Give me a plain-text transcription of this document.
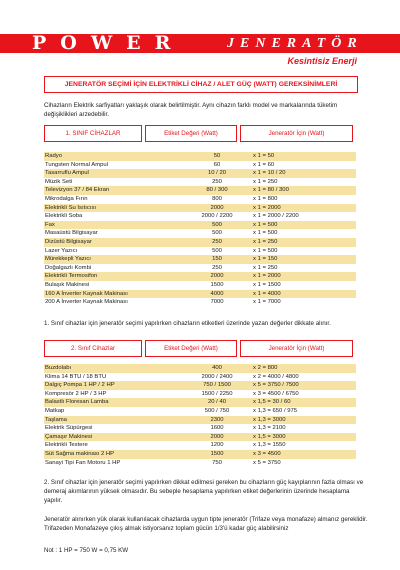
POWER	JENERATÖR
Kesintisiz Enerji
JENERATÖR SEÇİMİ İÇİN ELEKTRİKLİ CİHAZ / ALET GÜÇ (WATT) GEREKSİNİMLERİ
Cihazların Elektrik sarfiyatları yaklaşık olarak belirtilmiştir. Aynı cihazın farklı model ve markalarında tüketim değişiklikleri arzedebilir.
1. SINIF CİHAZLAR	Etiket Değeri (Watt)	Jeneratör İçin (Watt)
Radyo	50	x 1 = 50
Tungsten Normal Ampul	60	x 1 = 60
Tasarruflu Ampul	10 / 20	x 1 = 10 / 20
Müzik Seti	250	x 1 = 250
Televizyon 37 / 84 Ekran	80 / 300	x 1 = 80 / 300
Mikrodalga Fırın	800	x 1 = 800
Elektrikli Su Isıtıcısı	2000	x 1 = 2000
Elektrikli Soba	2000 / 2200	x 1 = 2000 / 2200
Fax	500	x 1 = 500
Masaüstü Bilgisayar	500	x 1 = 500
Dizüstü Bilgisayar	250	x 1 = 250
Lazer Yazıcı	500	x 1 = 500
Mürekkepli Yazıcı	150	x 1 = 150
Doğalgazlı Kombi	250	x 1 = 250
Elektrikli Termosifon	2000	x 1 = 2000
Bulaşık Makinesi	1500	x 1 = 1500
160 A İnverter Kaynak Makinası	4000	x 1 = 4000
200 A İnverter Kaynak Makinası	7000	x 1 = 7000
1. Sınıf cihazlar için jeneratör seçimi yapılırken cihazların etiketleri üzerinde yazan değerler dikkate alınır.
2. Sınıf Cihazlar	Etiket Değeri (Watt)	Jeneratör İçin (Watt)
Buzdolabı	400	x 2 = 800
Klima 14 BTU / 18 BTU	2000 / 2400	x 2 = 4000 / 4800
Dalgıç Pompa 1 HP / 2 HP	750 / 1500	x 5 = 3750 / 7500
Kompresör 2 HP / 3 HP	1500 / 2250	x 3 = 4500 / 6750
Balastlı Floresan Lamba	20 / 40	x 1,5 = 30 / 60
Matkap	500 / 750	x 1,3 = 650 / 975
Taşlama	2300	x 1,3 = 3000
Elektrik Süpürgesi	1600	x 1,3 = 2100
Çamaşır Makinesi	2000	x 1,5 = 3000
Elektrikli Testere	1200	x 1,3 = 1550
Süt Sağma makinası 2 HP	1500	x 3 = 4500
Sanayi Tipi Fan Motoru 1 HP	750	x 5 = 3750
2. Sınıf cihazlar için jeneratör seçimi yapılırken dikkat edilmesi gereken bu cihazların güç kayıplarının fazla olması ve demeraj akımlarının yüksek olmasıdır. Bu sebeple hesaplama yapılırken etiket değerlerinin üzerinde hesaplama yapılır.
Jeneratör alınırken yük olarak kullanılacak cihazlarda uygun tipte jeneratör (Trifaze veya monafaze) almanız gereklidir. Trifazeden Monafazeye çıkış almak istiyorsanız toplam gücün 1/3'ü kadar güç alabilirsiniz
Not : 1 HP = 750 W = 0,75 KW
